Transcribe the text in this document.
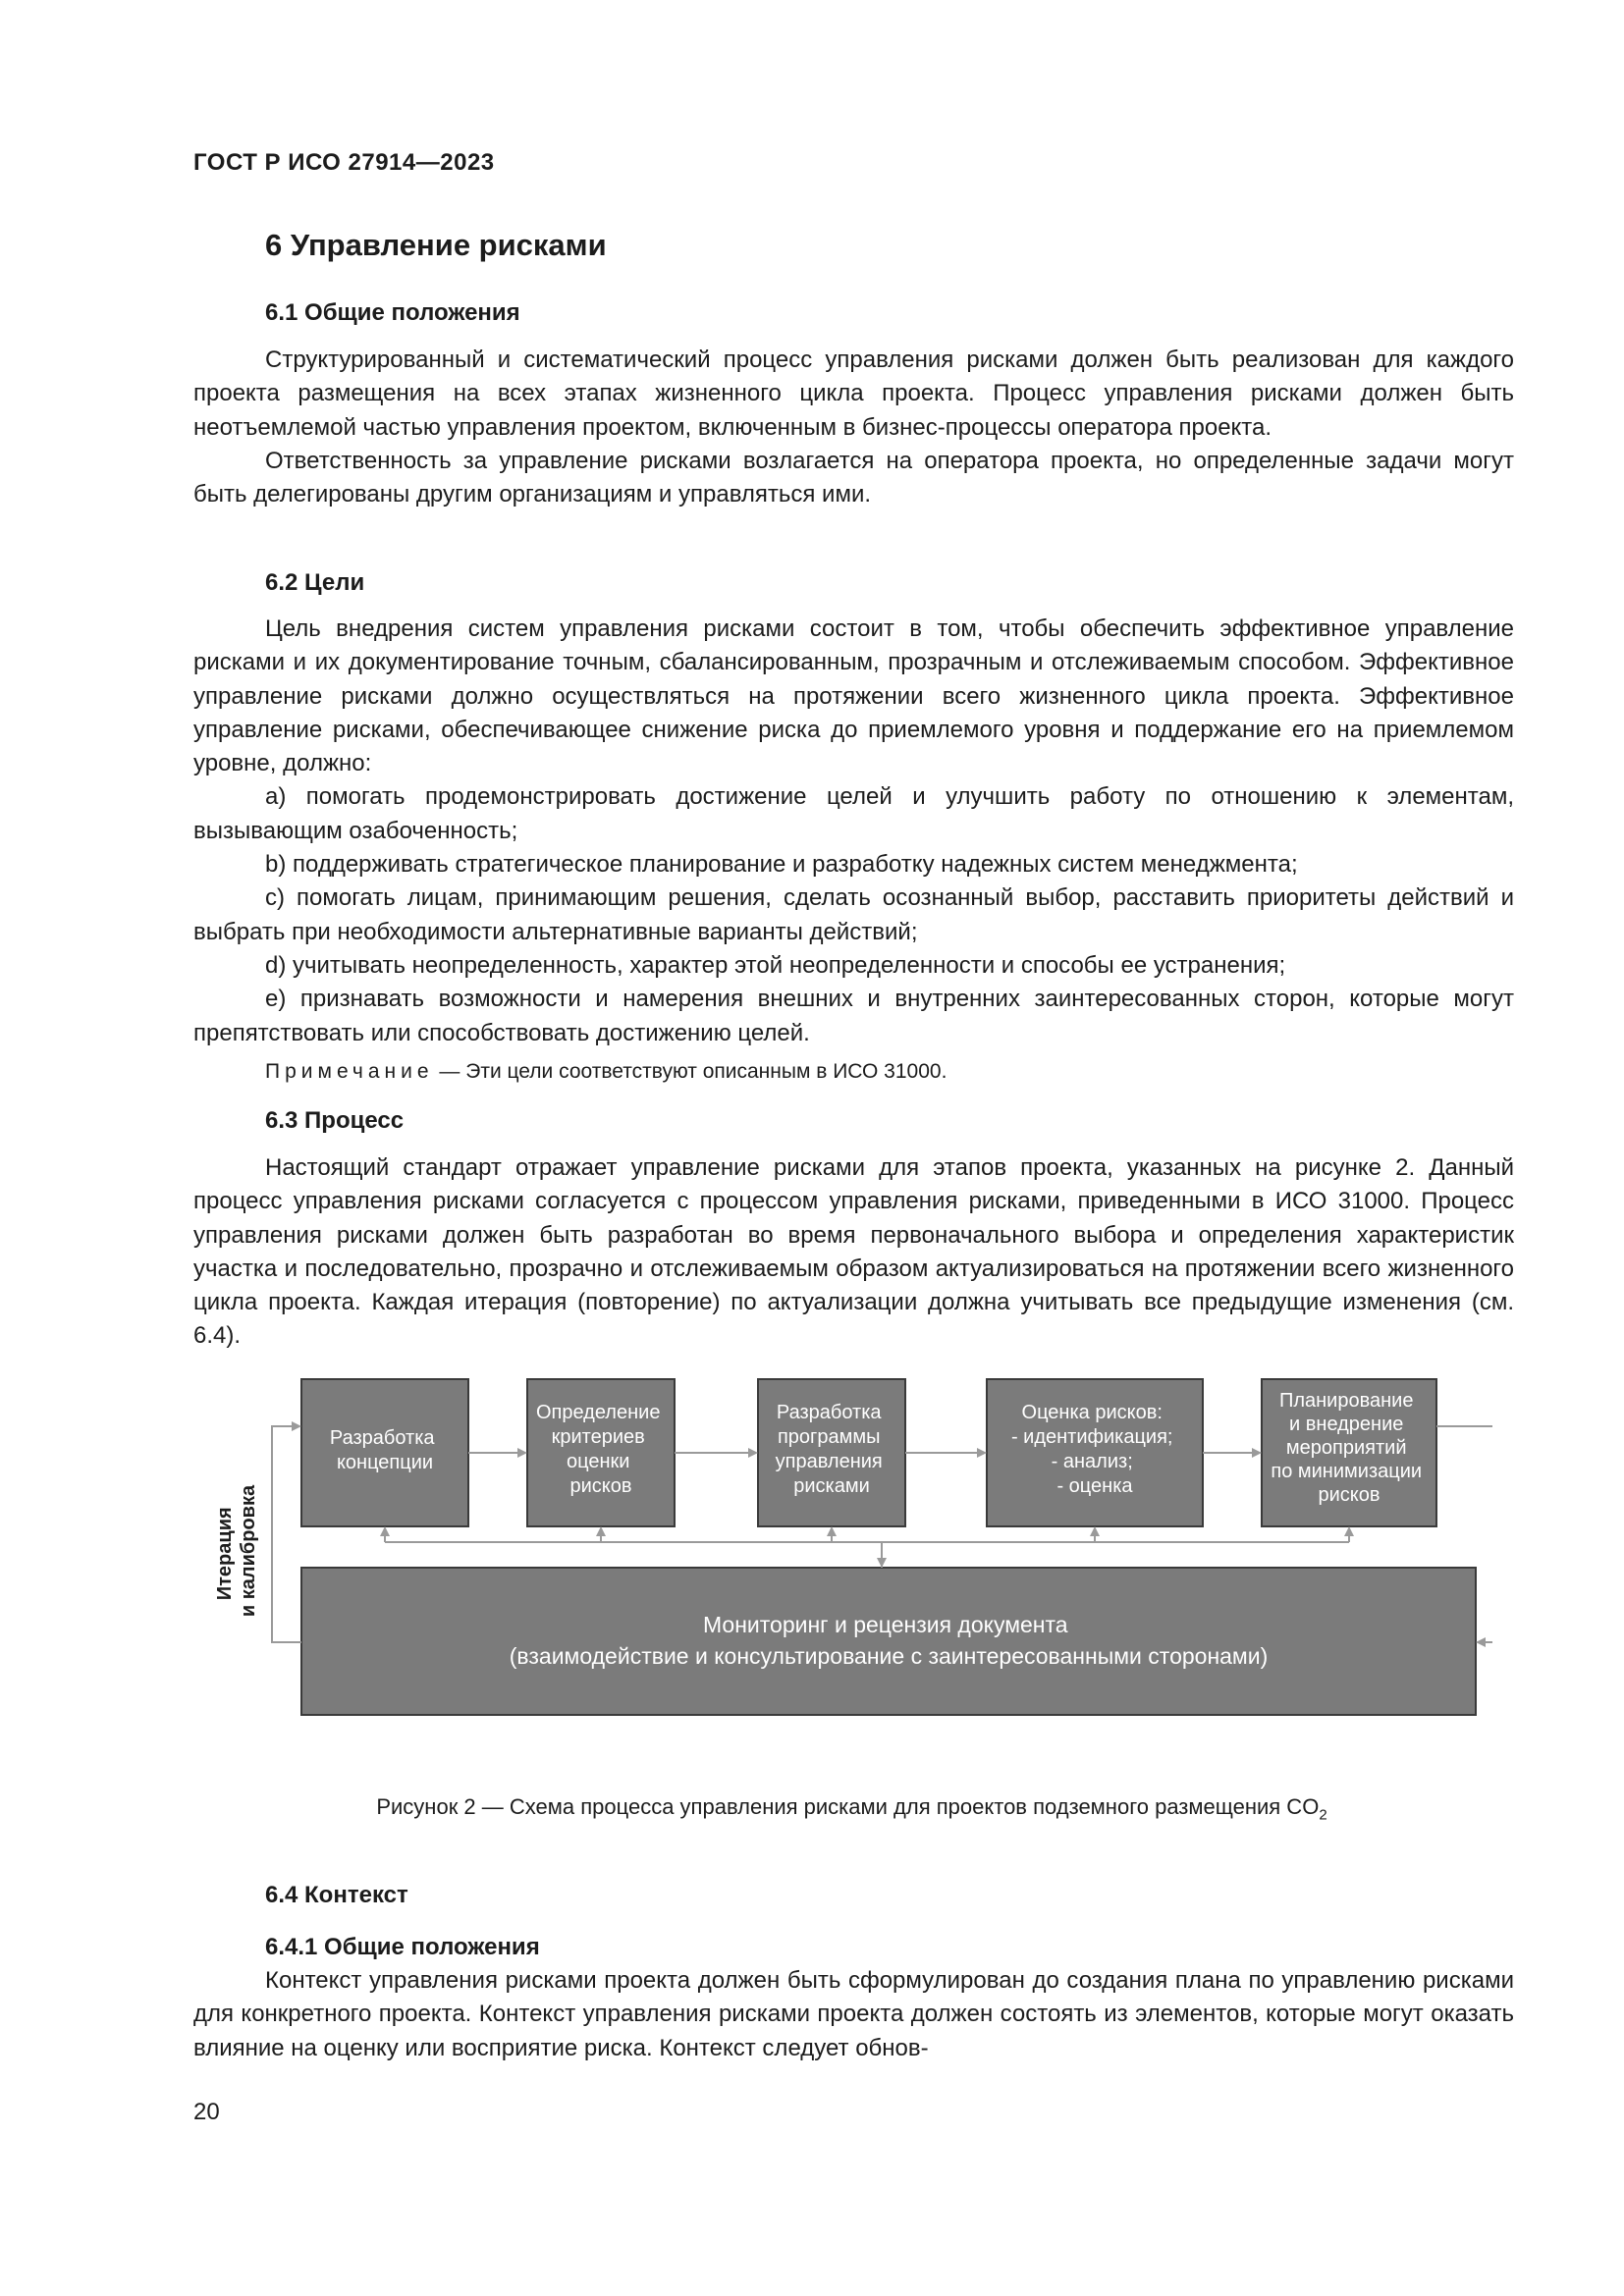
ГОСТ Р ИСО 27914—2023
6 Управление рисками
6.1 Общие положения

Структурированный и систематический процесс управления рисками должен быть реализован для каждого проекта размещения на всех этапах жизненного цикла проекта. Процесс управления рисками должен быть неотъемлемой частью управления проектом, включенным в бизнес-процессы оператора проекта.

Ответственность за управление рисками возлагается на оператора проекта, но определенные задачи могут быть делегированы другим организациям и управляться ими.

6.2 Цели

Цель внедрения систем управления рисками состоит в том, чтобы обеспечить эффективное управление рисками и их документирование точным, сбалансированным, прозрачным и отслеживаемым способом. Эффективное управление рисками должно осуществляться на протяжении всего жизненного цикла проекта. Эффективное управление рисками, обеспечивающее снижение риска до приемлемого уровня и поддержание его на приемлемом уровне, должно:

a) помогать продемонстрировать достижение целей и улучшить работу по отношению к элементам, вызывающим озабоченность;
b) поддерживать стратегическое планирование и разработку надежных систем менеджмента;
c) помогать лицам, принимающим решения, сделать осознанный выбор, расставить приоритеты действий и выбрать при необходимости альтернативные варианты действий;
d) учитывать неопределенность, характер этой неопределенности и способы ее устранения;
e) признавать возможности и намерения внешних и внутренних заинтересованных сторон, которые могут препятствовать или способствовать достижению целей.
Примечание — Эти цели соответствуют описанным в ИСО 31000.
6.3 Процесс

Настоящий стандарт отражает управление рисками для этапов проекта, указанных на рисунке 2. Данный процесс управления рисками согласуется с процессом управления рисками, приведенными в ИСО 31000. Процесс управления рисками должен быть разработан во время первоначального выбора и определения характеристик участка и последовательно, прозрачно и отслеживаемым образом актуализироваться на протяжении всего жизненного цикла проекта. Каждая итерация (повторение) по актуализации должна учитывать все предыдущие изменения (см. 6.4).

Итерация и калибровка
Разработка концепции
Определение критериев оценки рисков
Разработка программы управления рисками
Оценка рисков: - идентификация; - анализ; - оценка
Планирование и внедрение мероприятий по минимизации рисков
Мониторинг и рецензия документа (взаимодействие и консультирование с заинтересованными сторонами)
Рисунок 2 — Схема процесса управления рисками для проектов подземного размещения $CO_2$
6.4 Контекст
6.4.1 Общие положения

Контекст управления рисками проекта должен быть сформулирован до создания плана по управлению рисками для конкретного проекта. Контекст управления рисками проекта должен состоять из элементов, которые могут оказать влияние на оценку или восприятие риска. Контекст следует обнов-

20
